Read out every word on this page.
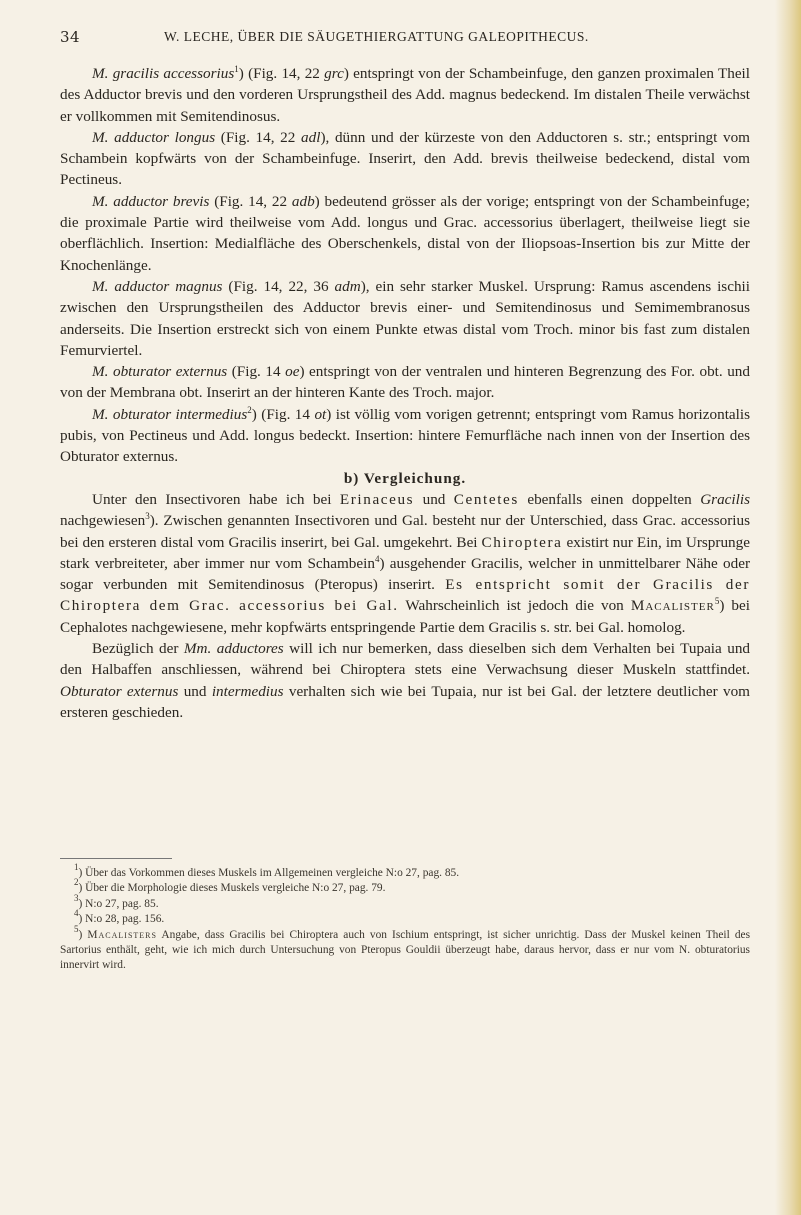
34	W. LECHE, ÜBER DIE SÄUGETHIERGATTUNG GALEOPITHECUS.

M. gracilis accessorius$^1$) (Fig. 14, 22 grc) entspringt von der Schambeinfuge, den ganzen proximalen Theil des Adductor brevis und den vorderen Ursprungstheil des Add. magnus bedeckend. Im distalen Theile verwächst er vollkommen mit Semitendinosus.

M. adductor longus (Fig. 14, 22 adl), dünn und der kürzeste von den Adductoren s. str.; entspringt vom Schambein kopfwärts von der Schambeinfuge. Inserirt, den Add. brevis theilweise bedeckend, distal vom Pectineus.

M. adductor brevis (Fig. 14, 22 adb) bedeutend grösser als der vorige; entspringt von der Schambeinfuge; die proximale Partie wird theilweise vom Add. longus und Grac. accessorius überlagert, theilweise liegt sie oberflächlich. Insertion: Medialfläche des Oberschenkels, distal von der Iliopsoas-Insertion bis zur Mitte der Knochenlänge.

M. adductor magnus (Fig. 14, 22, 36 adm), ein sehr starker Muskel. Ursprung: Ramus ascendens ischii zwischen den Ursprungstheilen des Adductor brevis einer- und Semitendinosus und Semimembranosus anderseits. Die Insertion erstreckt sich von einem Punkte etwas distal vom Troch. minor bis fast zum distalen Femurviertel.

M. obturator externus (Fig. 14 oe) entspringt von der ventralen und hinteren Begrenzung des For. obt. und von der Membrana obt. Inserirt an der hinteren Kante des Troch. major.

M. obturator intermedius$^2$) (Fig. 14 ot) ist völlig vom vorigen getrennt; entspringt vom Ramus horizontalis pubis, von Pectineus und Add. longus bedeckt. Insertion: hintere Femurfläche nach innen von der Insertion des Obturator externus.

b) Vergleichung.

Unter den Insectivoren habe ich bei Erinaceus und Centetes ebenfalls einen doppelten Gracilis nachgewiesen$^3$). Zwischen genannten Insectivoren und Gal. besteht nur der Unterschied, dass Grac. accessorius bei den ersteren distal vom Gracilis inserirt, bei Gal. umgekehrt. Bei Chiroptera existirt nur Ein, im Ursprunge stark verbreiteter, aber immer nur vom Schambein$^4$) ausgehender Gracilis, welcher in unmittelbarer Nähe oder sogar verbunden mit Semitendinosus (Pteropus) inserirt. Es entspricht somit der Gracilis der Chiroptera dem Grac. accessorius bei Gal. Wahrscheinlich ist jedoch die von Macalister$^5$) bei Cephalotes nachgewiesene, mehr kopfwärts entspringende Partie dem Gracilis s. str. bei Gal. homolog.

Bezüglich der Mm. adductores will ich nur bemerken, dass dieselben sich dem Verhalten bei Tupaia und den Halbaffen anschliessen, während bei Chiroptera stets eine Verwachsung dieser Muskeln stattfindet. Obturator externus und intermedius verhalten sich wie bei Tupaia, nur ist bei Gal. der letztere deutlicher vom ersteren geschieden.

$^1$) Über das Vorkommen dieses Muskels im Allgemeinen vergleiche N:o 27, pag. 85.

$^2$) Über die Morphologie dieses Muskels vergleiche N:o 27, pag. 79.

$^3$) N:o 27, pag. 85.

$^4$) N:o 28, pag. 156.

$^5$) Macalisters Angabe, dass Gracilis bei Chiroptera auch von Ischium entspringt, ist sicher unrichtig. Dass der Muskel keinen Theil des Sartorius enthält, geht, wie ich mich durch Untersuchung von Pteropus Gouldii überzeugt habe, daraus hervor, dass er nur vom N. obturatorius innervirt wird.
